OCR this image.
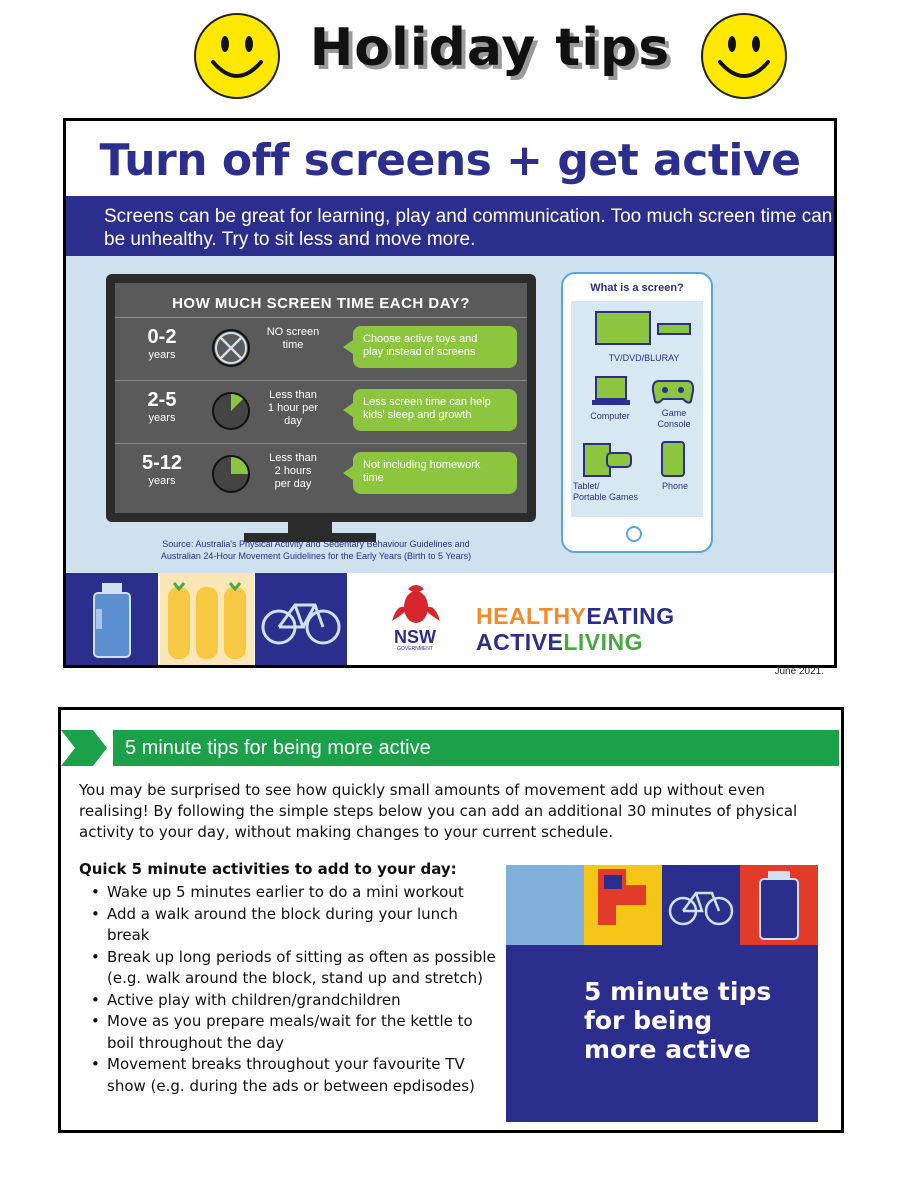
Holiday tips
Turn off screens + get active
Screens can be great for learning, play and communication. Too much screen time can be unhealthy. Try to sit less and move more.
HOW MUCH SCREEN TIME EACH DAY?
0-2
years
NO screen
time	Choose active toys and
play instead of screens
2-5
years
Less than
1 hour per
day
Less screen time can help
kids' sleep and growth
5-12
years
Less than
2 hours
per day
Not including homework
time
Source: Australia's Physical Activity and Sedentary Behaviour Guidelines and
Australian 24-Hour Movement Guidelines for the Early Years (Birth to 5 Years)
What is a screen?
TV/DVD/BLURAY
Computer	Game
Console
Tablet/
Portable Games
Phone
June 2021.
NSW
GOVERNMENT
HEALTHYEATING
ACTIVELIVING
5 minute tips for being more active
You may be surprised to see how quickly small amounts of movement add up without even realising! By following the simple steps below you can add an additional 30 minutes of physical activity to your day, without making changes to your current schedule.
Quick 5 minute activities to add to your day:
• Wake up 5 minutes earlier to do a mini workout
• Add a walk around the block during your lunch break
• Break up long periods of sitting as often as possible (e.g. walk around the block, stand up and stretch)
• Active play with children/grandchildren
• Move as you prepare meals/wait for the kettle to boil throughout the day
• Movement breaks throughout your favourite TV show (e.g. during the ads or between epdisodes)
5 minute tips
for being
more active
